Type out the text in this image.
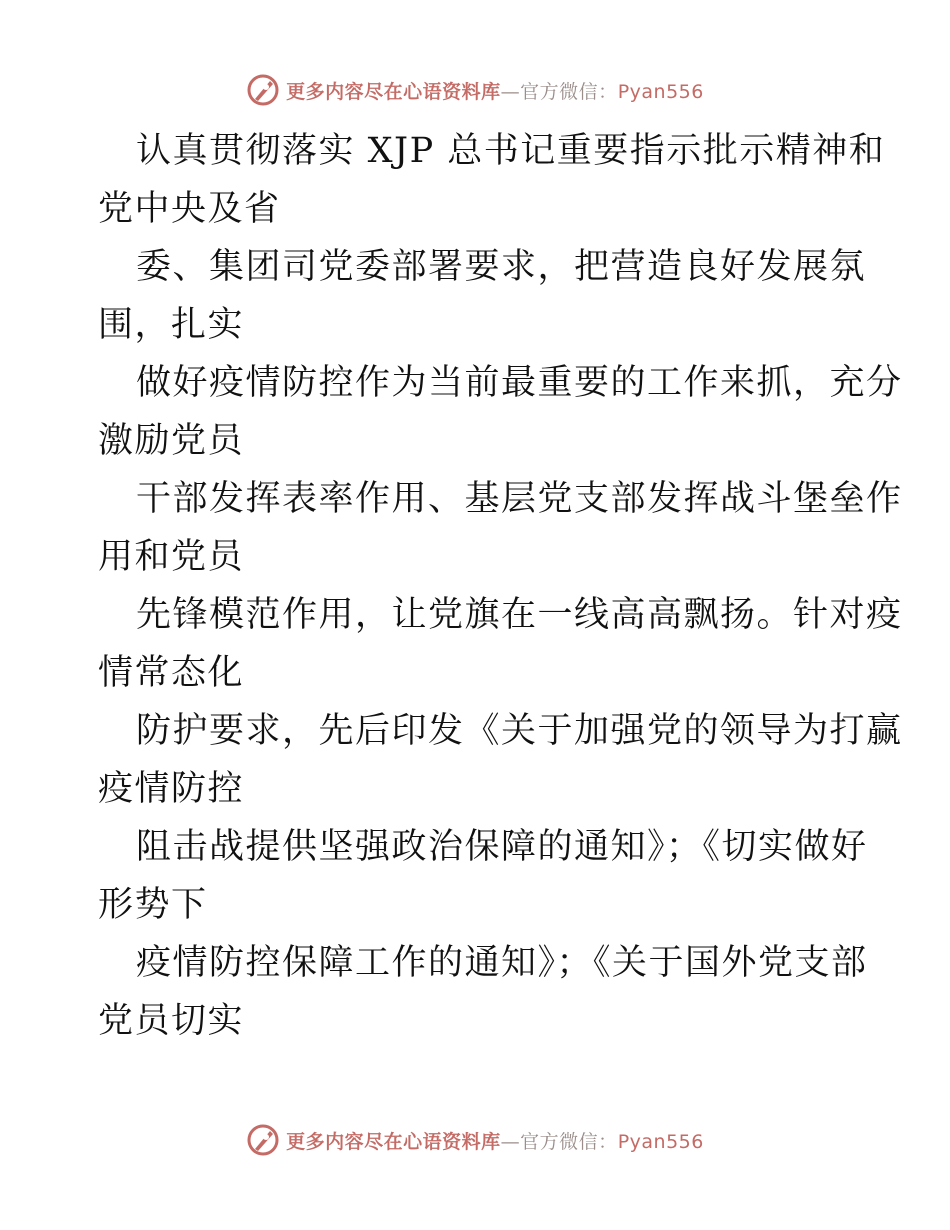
更多内容尽在心语资料库—官方微信：Pyan556
认真贯彻落实 XJP 总书记重要指示批示精神和
党中央及省
委、集团司党委部署要求，把营造良好发展氛
围，扎实
做好疫情防控作为当前最重要的工作来抓，充分
激励党员
干部发挥表率作用、基层党支部发挥战斗堡垒作
用和党员
先锋模范作用，让党旗在一线高高飘扬。针对疫
情常态化
防护要求，先后印发《关于加强党的领导为打赢
疫情防控
阻击战提供坚强政治保障的通知》；《切实做好
形势下
疫情防控保障工作的通知》；《关于国外党支部
党员切实
更多内容尽在心语资料库—官方微信：Pyan556
